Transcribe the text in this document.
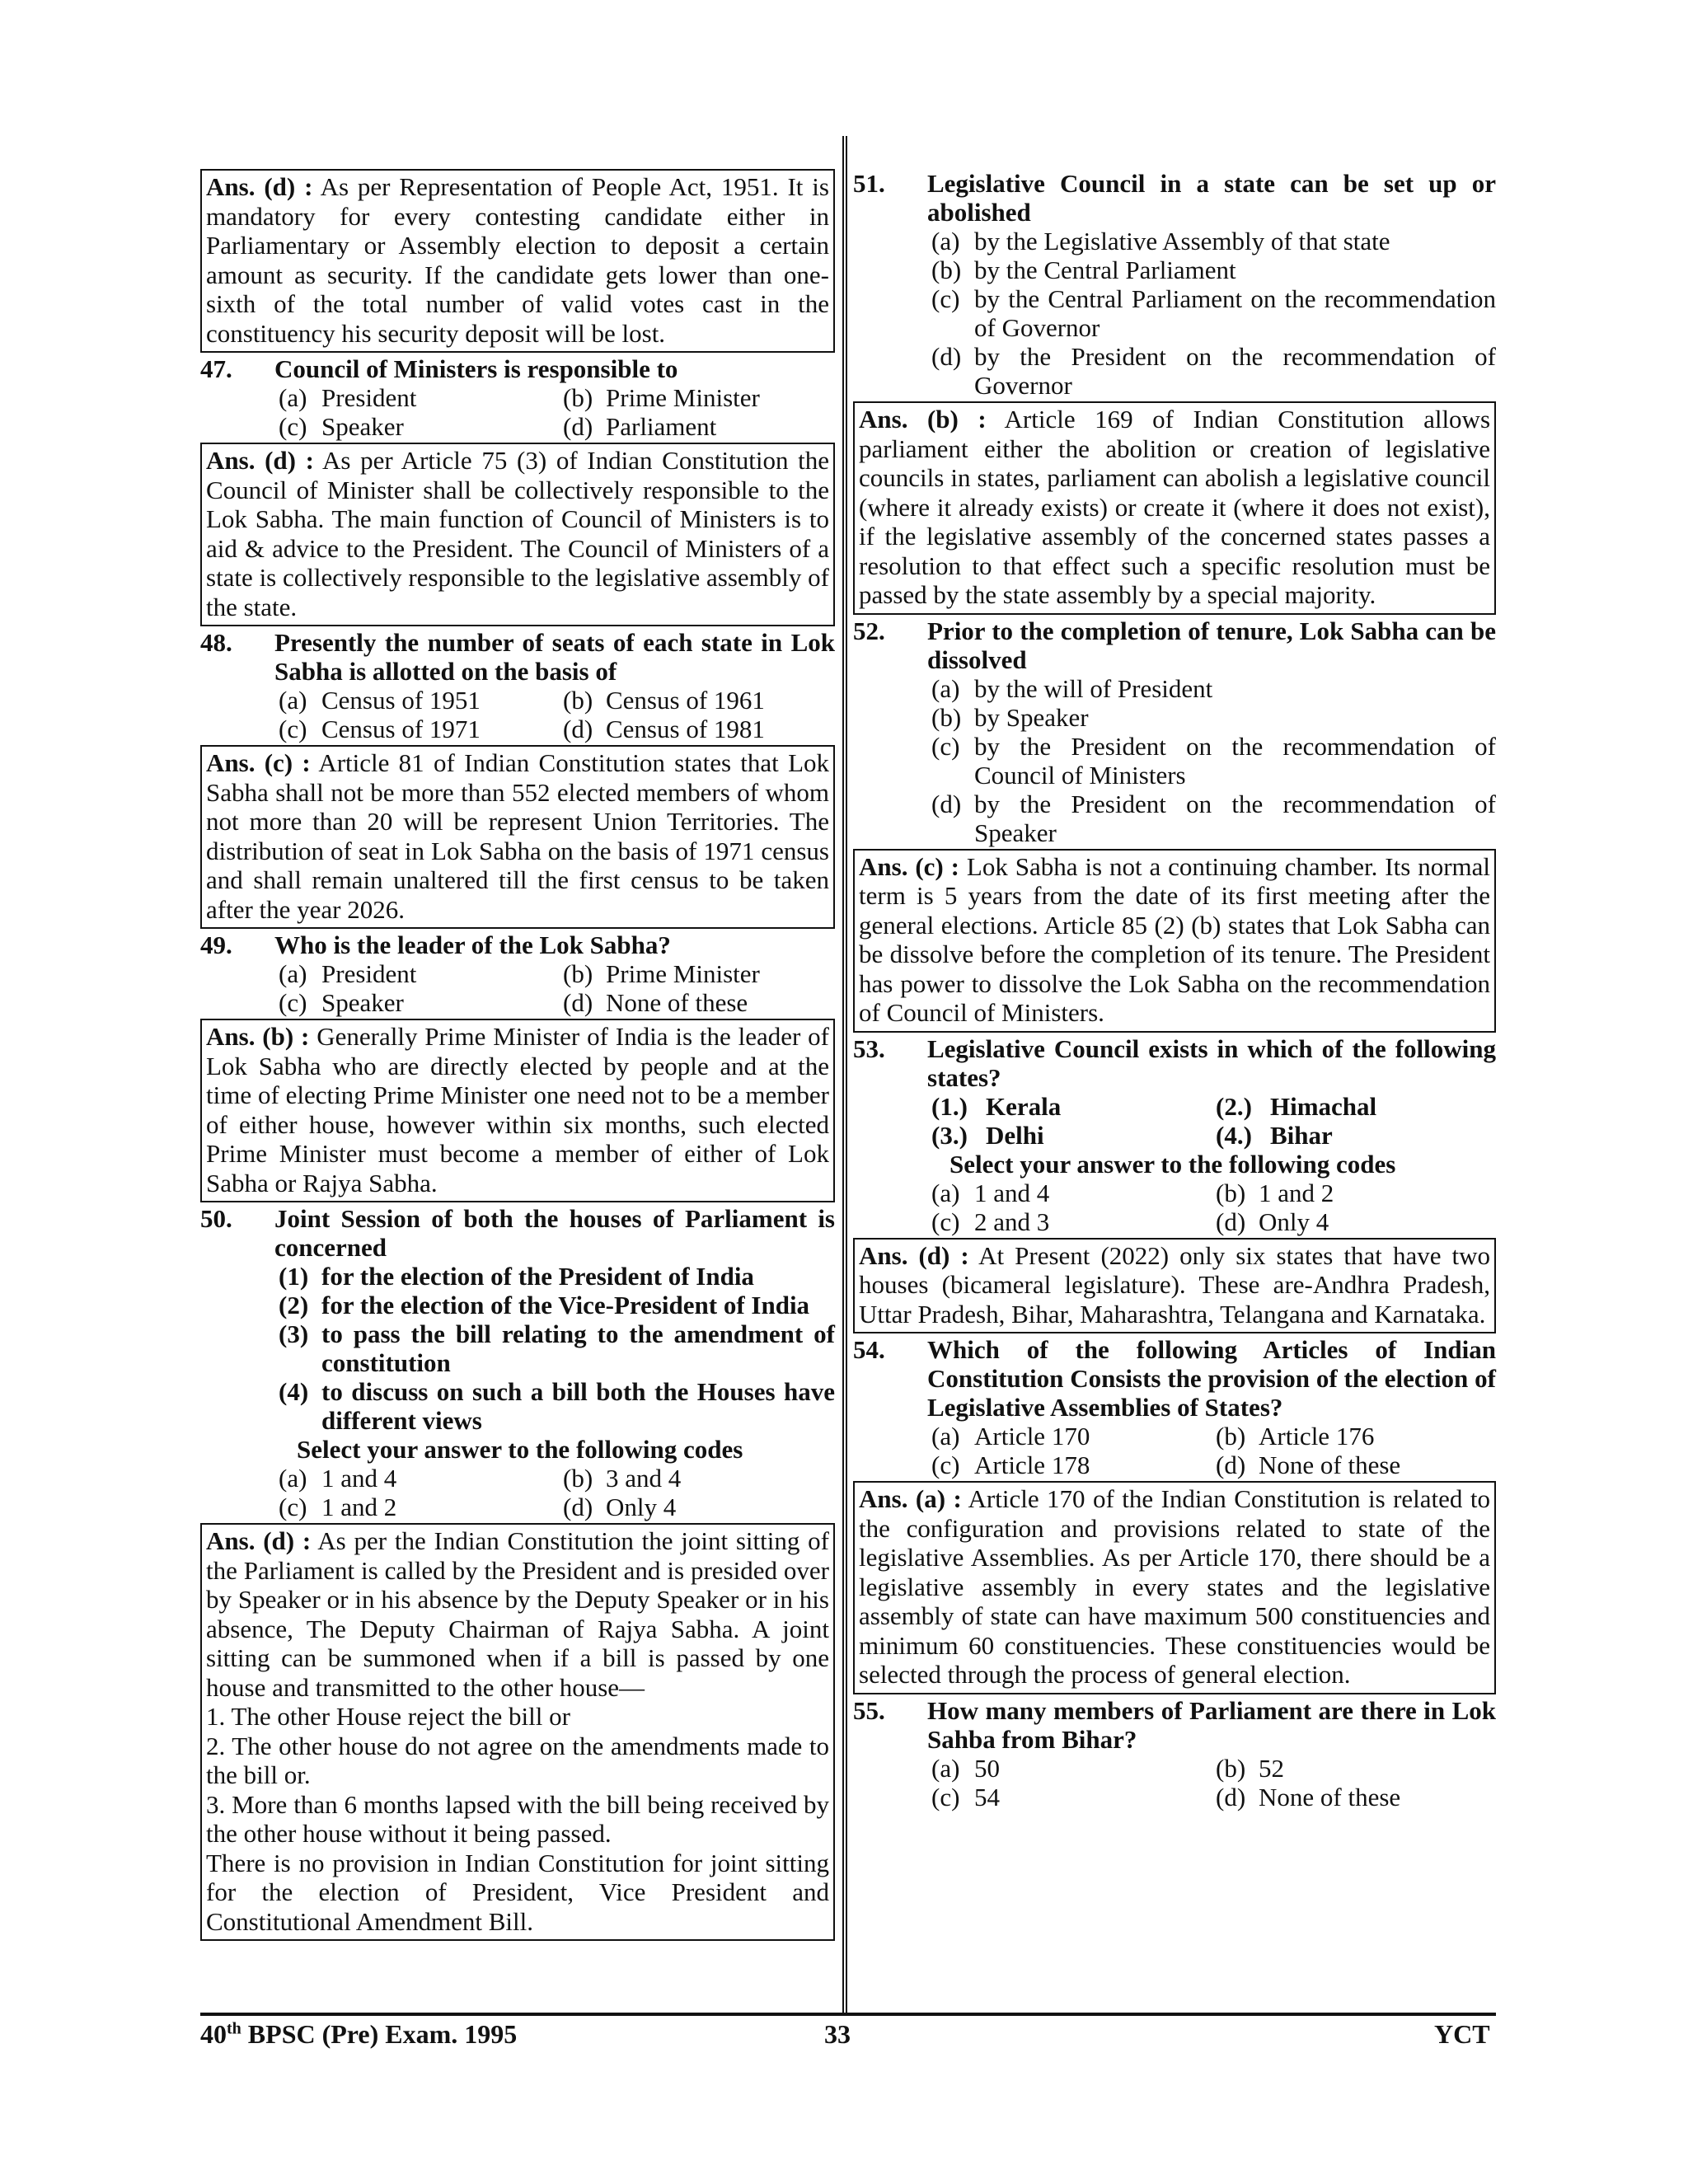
Ans. (d) : As per Representation of People Act, 1951. It is mandatory for every contesting candidate either in Parliamentary or Assembly election to deposit a certain amount as security. If the candidate gets lower than one-sixth of the total number of valid votes cast in the constituency his security deposit will be lost.
47.	Council of Ministers is responsible to
(a) President	(b) Prime Minister
(c) Speaker	(d) Parliament
Ans. (d) : As per Article 75 (3) of Indian Constitution the Council of Minister shall be collectively responsible to the Lok Sabha. The main function of Council of Ministers is to aid & advice to the President. The Council of Ministers of a state is collectively responsible to the legislative assembly of the state.
48.	Presently the number of seats of each state in Lok Sabha is allotted on the basis of
(a) Census of 1951	(b) Census of 1961
(c) Census of 1971	(d) Census of 1981
Ans. (c) : Article 81 of Indian Constitution states that Lok Sabha shall not be more than 552 elected members of whom not more than 20 will be represent Union Territories. The distribution of seat in Lok Sabha on the basis of 1971 census and shall remain unaltered till the first census to be taken after the year 2026.
49.	Who is the leader of the Lok Sabha?
(a) President	(b) Prime Minister
(c) Speaker	(d) None of these
Ans. (b) : Generally Prime Minister of India is the leader of Lok Sabha who are directly elected by people and at the time of electing Prime Minister one need not to be a member of either house, however within six months, such elected Prime Minister must become a member of either of Lok Sabha or Rajya Sabha.
50.	Joint Session of both the houses of Parliament is concerned
(1) for the election of the President of India
(2) for the election of the Vice-President of India
(3) to pass the bill relating to the amendment of constitution
(4) to discuss on such a bill both the Houses have different views
Select your answer to the following codes
(a) 1 and 4	(b) 3 and 4
(c) 1 and 2	(d) Only 4

Ans. (d) : As per the Indian Constitution the joint sitting of the Parliament is called by the President and is presided over by Speaker or in his absence by the Deputy Speaker or in his absence, The Deputy Chairman of Rajya Sabha. A joint sitting can be summoned when if a bill is passed by one house and transmitted to the other house—

1. The other House reject the bill or

2. The other house do not agree on the amendments made to the bill or.

3. More than 6 months lapsed with the bill being received by the other house without it being passed.

There is no provision in Indian Constitution for joint sitting for the election of President, Vice President and Constitutional Amendment Bill.

51.	Legislative Council in a state can be set up or abolished
(a) by the Legislative Assembly of that state
(b) by the Central Parliament
(c) by the Central Parliament on the recommendation of Governor
(d) by the President on the recommendation of Governor
Ans. (b) : Article 169 of Indian Constitution allows parliament either the abolition or creation of legislative councils in states, parliament can abolish a legislative council (where it already exists) or create it (where it does not exist), if the legislative assembly of the concerned states passes a resolution to that effect such a specific resolution must be passed by the state assembly by a special majority.
52.	Prior to the completion of tenure, Lok Sabha can be dissolved
(a) by the will of President
(b) by Speaker
(c) by the President on the recommendation of Council of Ministers
(d) by the President on the recommendation of Speaker
Ans. (c) : Lok Sabha is not a continuing chamber. Its normal term is 5 years from the date of its first meeting after the general elections. Article 85 (2) (b) states that Lok Sabha can be dissolve before the completion of its tenure. The President has power to dissolve the Lok Sabha on the recommendation of Council of Ministers.
53.	Legislative Council exists in which of the following states?
(1.) Kerala	(2.) Himachal
(3.) Delhi	(4.) Bihar
Select your answer to the following codes
(a) 1 and 4	(b) 1 and 2
(c) 2 and 3	(d) Only 4
Ans. (d) : At Present (2022) only six states that have two houses (bicameral legislature). These are-Andhra Pradesh, Uttar Pradesh, Bihar, Maharashtra, Telangana and Karnataka.
54.	Which of the following Articles of Indian Constitution Consists the provision of the election of Legislative Assemblies of States?
(a) Article 170	(b) Article 176
(c) Article 178	(d) None of these
Ans. (a) : Article 170 of the Indian Constitution is related to the configuration and provisions related to state of the legislative Assemblies. As per Article 170, there should be a legislative assembly in every states and the legislative assembly of state can have maximum 500 constituencies and minimum 60 constituencies. These constituencies would be selected through the process of general election.
55.	How many members of Parliament are there in Lok Sahba from Bihar?
(a) 50	(b) 52
(c) 54	(d) None of these
40th BPSC (Pre) Exam. 1995	33	YCT
